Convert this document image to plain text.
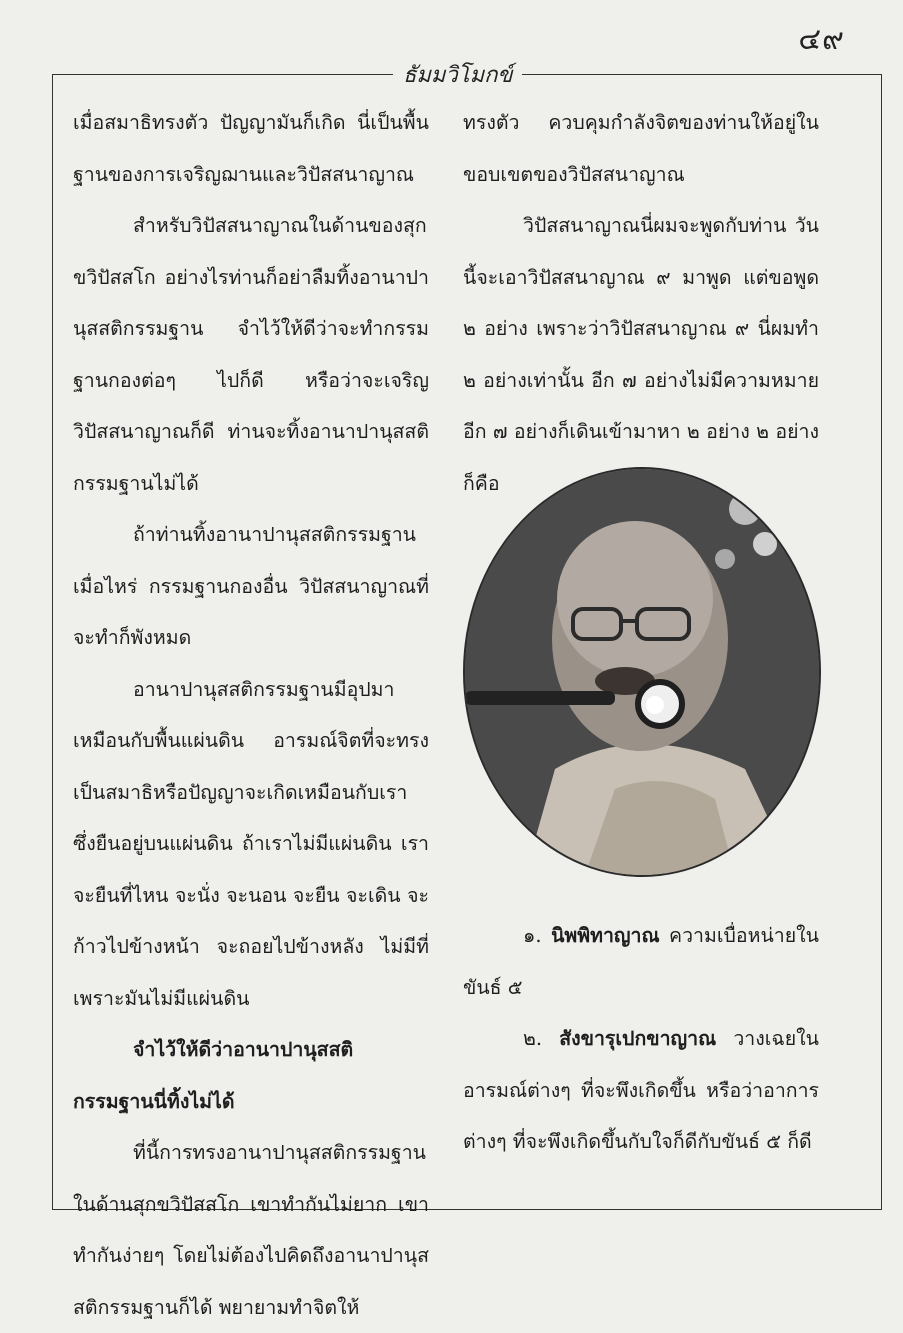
๔๙
ธัมมวิโมกข์

เมื่อสมาธิทรงตัว ปัญญามันก็เกิด นี่เป็นพื้นฐานของการเจริญฌานและวิปัสสนาญาณ

สำหรับวิปัสสนาญาณในด้านของสุกขวิปัสสโก อย่างไรท่านก็อย่าลืมทิ้งอานาปานุสสติกรรมฐาน จำไว้ให้ดีว่าจะทำกรรมฐานกองต่อๆ ไปก็ดี หรือว่าจะเจริญวิปัสสนาญาณก็ดี ท่านจะทิ้งอานาปานุสสติกรรมฐานไม่ได้

ถ้าท่านทิ้งอานาปานุสสติกรรมฐานเมื่อไหร่ กรรมฐานกองอื่น วิปัสสนาญาณที่จะทำก็พังหมด

อานาปานุสสติกรรมฐานมีอุปมาเหมือนกับพื้นแผ่นดิน อารมณ์จิตที่จะทรงเป็นสมาธิหรือปัญญาจะเกิดเหมือนกับเราซึ่งยืนอยู่บนแผ่นดิน ถ้าเราไม่มีแผ่นดิน เราจะยืนที่ไหน จะนั่ง จะนอน จะยืน จะเดิน จะก้าวไปข้างหน้า จะถอยไปข้างหลัง ไม่มีที่เพราะมันไม่มีแผ่นดิน

จำไว้ให้ดีว่าอานาปานุสสติกรรมฐานนี่ทิ้งไม่ได้

ที่นี้การทรงอานาปานุสสติกรรมฐานในด้านสุกขวิปัสสโก เขาทำกันไม่ยาก เขาทำกันง่ายๆ โดยไม่ต้องไปคิดถึงอานาปานุสสติกรรมฐานก็ได้ พยายามทำจิตให้

ทรงตัว ควบคุมกำลังจิตของท่านให้อยู่ในขอบเขตของวิปัสสนาญาณ

วิปัสสนาญาณนี่ผมจะพูดกับท่าน วันนี้จะเอาวิปัสสนาญาณ ๙ มาพูด แต่ขอพูด ๒ อย่าง เพราะว่าวิปัสสนาญาณ ๙ นี่ผมทำ ๒ อย่างเท่านั้น อีก ๗ อย่างไม่มีความหมาย อีก ๗ อย่างก็เดินเข้ามาหา ๒ อย่าง ๒ อย่าง ก็คือ

๑. นิพพิทาญาณ ความเบื่อหน่ายในขันธ์ ๕

๒. สังขารุเปกขาญาณ วางเฉยในอารมณ์ต่างๆ ที่จะพึงเกิดขึ้น หรือว่าอาการต่างๆ ที่จะพึงเกิดขึ้นกับใจก็ดีกับขันธ์ ๕ ก็ดี
